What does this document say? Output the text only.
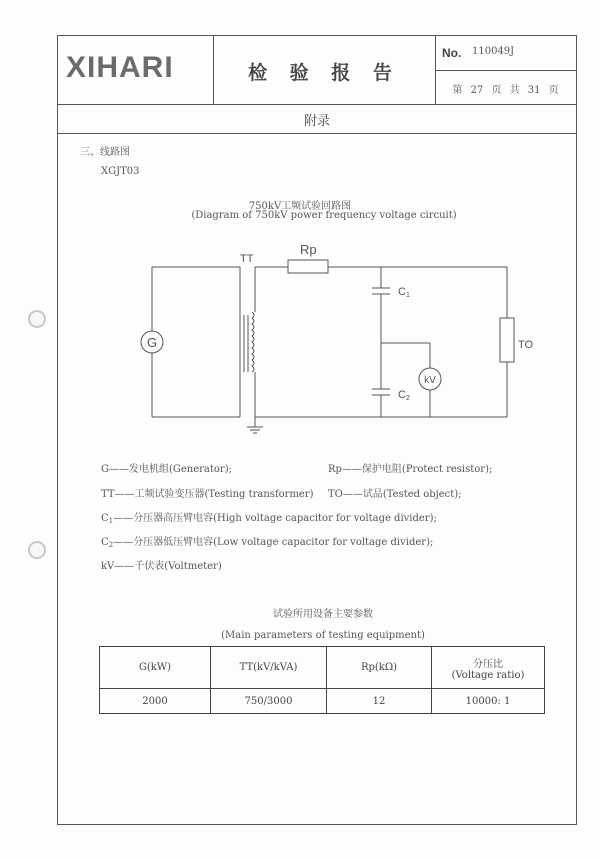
XIHARI	检 验 报 告
No. 110049J
第 27 页 共 31 页
附录
三、线路图
XGJT03
750kV工频试验回路图
(Diagram of 750kV power frequency voltage circuit)
G
TT
Rp
C1
C2
kV
TO
G——发电机组(Generator);	Rp——保护电阻(Protect resistor);
TT——工频试验变压器(Testing transformer) TO——试品(Tested object);
$C_1——$分压器高压臂电容(High voltage capacitor for voltage divider);
$C_2——$分压器低压臂电容(Low voltage capacitor for voltage divider);
kV——千伏表(Voltmeter)
试验所用设备主要参数
(Main parameters of testing equipment)
G(kW)	TT(kV/kVA)	Rp(kΩ)	分压比
(Voltage ratio)

2000	750/3000	12	10000: 1
